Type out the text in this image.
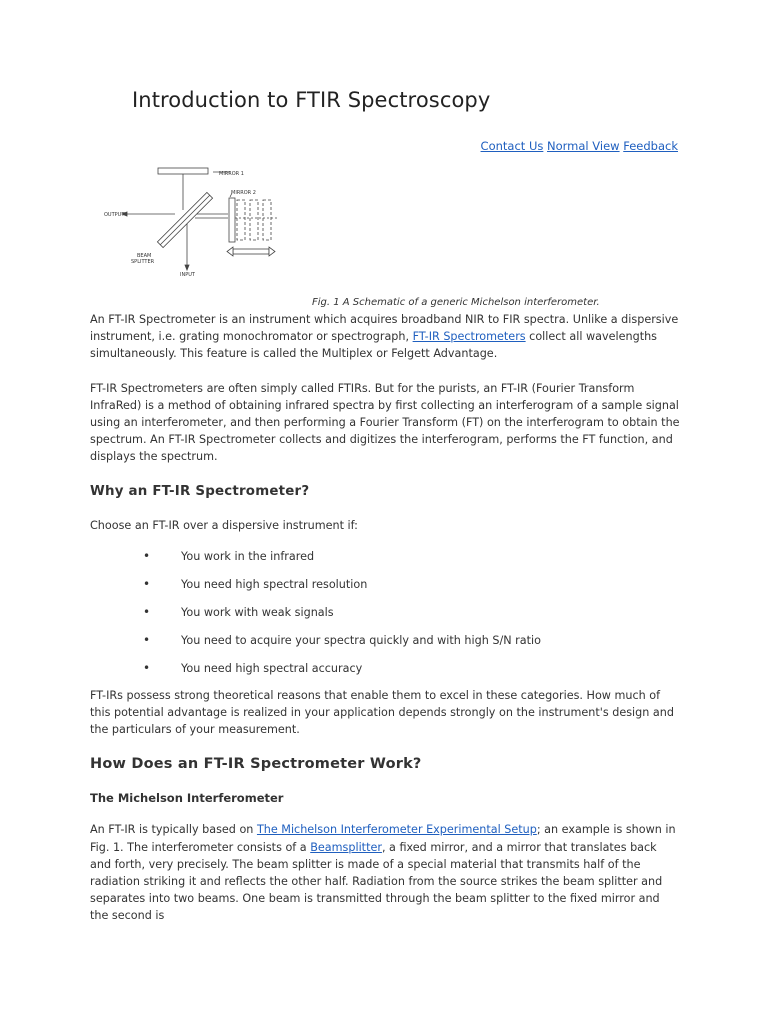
Introduction to FTIR Spectroscopy
Contact Us Normal View Feedback
MIRROR 1
MIRROR 2
OUTPUT
BEAM
SPLITTER
INPUT
Fig. 1 A Schematic of a generic Michelson interferometer.

An FT-IR Spectrometer is an instrument which acquires broadband NIR to FIR spectra. Unlike a dispersive instrument, i.e. grating monochromator or spectrograph, FT-IR Spectrometers collect all wavelengths simultaneously. This feature is called the Multiplex or Felgett Advantage.

FT-IR Spectrometers are often simply called FTIRs. But for the purists, an FT-IR (Fourier Transform InfraRed) is a method of obtaining infrared spectra by first collecting an interferogram of a sample signal using an interferometer, and then performing a Fourier Transform (FT) on the interferogram to obtain the spectrum. An FT-IR Spectrometer collects and digitizes the interferogram, performs the FT function, and displays the spectrum.

Why an FT-IR Spectrometer?

Choose an FT-IR over a dispersive instrument if:

•	You work in the infrared
•	You need high spectral resolution
•	You work with weak signals
•	You need to acquire your spectra quickly and with high S/N ratio
•	You need high spectral accuracy

FT-IRs possess strong theoretical reasons that enable them to excel in these categories. How much of this potential advantage is realized in your application depends strongly on the instrument's design and the particulars of your measurement.

How Does an FT-IR Spectrometer Work?
The Michelson Interferometer

An FT-IR is typically based on The Michelson Interferometer Experimental Setup; an example is shown in Fig. 1. The interferometer consists of a Beamsplitter, a fixed mirror, and a mirror that translates back and forth, very precisely. The beam splitter is made of a special material that transmits half of the radiation striking it and reflects the other half. Radiation from the source strikes the beam splitter and separates into two beams. One beam is transmitted through the beam splitter to the fixed mirror and the second is
